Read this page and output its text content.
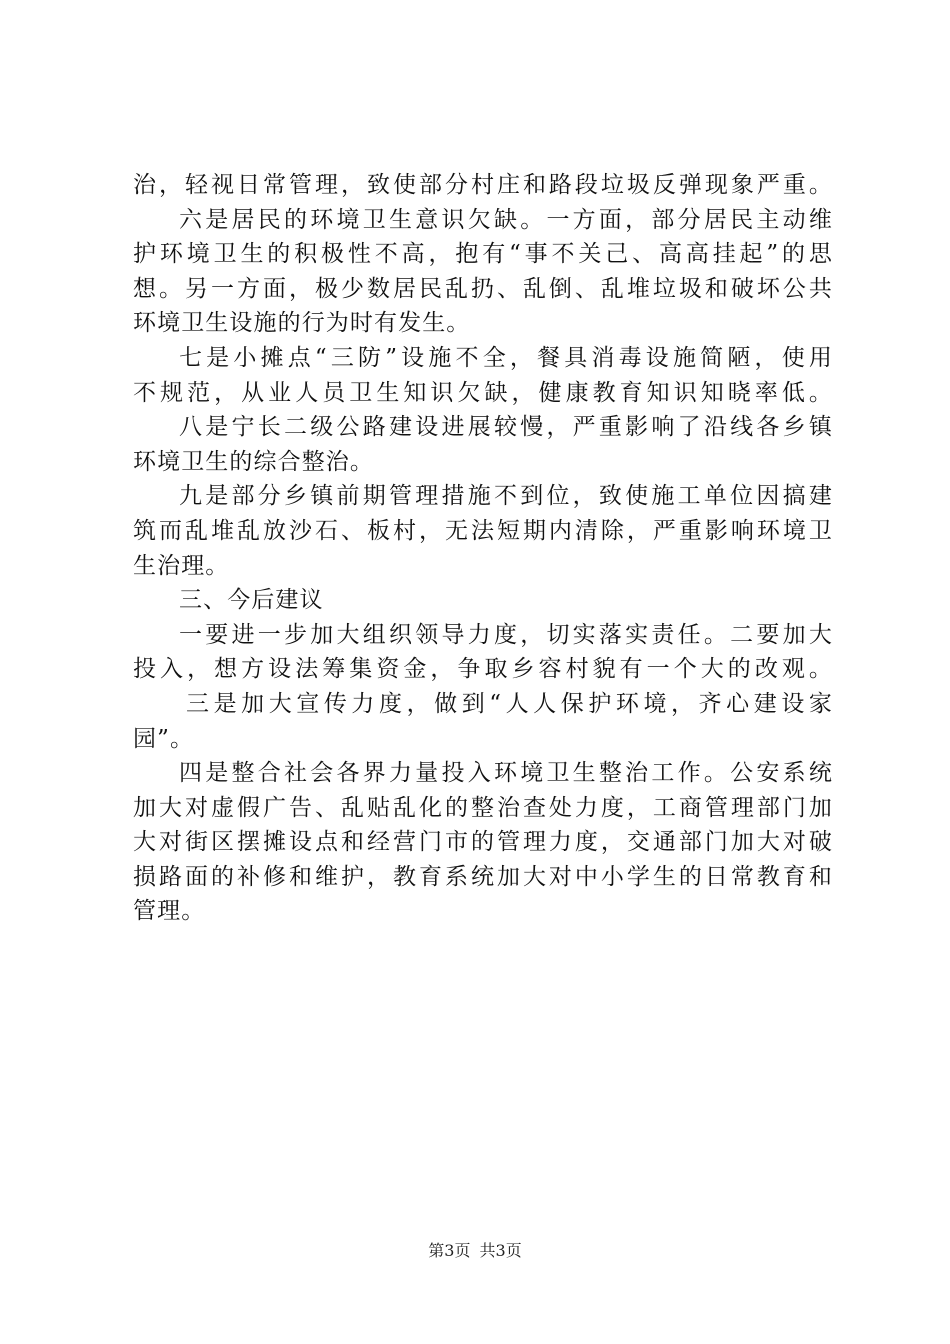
治，轻视日常管理，致使部分村庄和路段垃圾反弹现象严重。
六是居民的环境卫生意识欠缺。一方面，部分居民主动维
护环境卫生的积极性不高，抱有“事不关己、高高挂起”的思
想。另一方面，极少数居民乱扔、乱倒、乱堆垃圾和破坏公共
环境卫生设施的行为时有发生。
七是小摊点“三防”设施不全，餐具消毒设施简陋，使用
不规范，从业人员卫生知识欠缺，健康教育知识知晓率低。
八是宁长二级公路建设进展较慢，严重影响了沿线各乡镇
环境卫生的综合整治。
九是部分乡镇前期管理措施不到位，致使施工单位因搞建
筑而乱堆乱放沙石、板村，无法短期内清除，严重影响环境卫
生治理。
三、今后建议
一要进一步加大组织领导力度，切实落实责任。二要加大
投入，想方设法筹集资金，争取乡容村貌有一个大的改观。
三是加大宣传力度，做到“人人保护环境，齐心建设家
园”。
四是整合社会各界力量投入环境卫生整治工作。公安系统
加大对虚假广告、乱贴乱化的整治查处力度，工商管理部门加
大对街区摆摊设点和经营门市的管理力度，交通部门加大对破
损路面的补修和维护，教育系统加大对中小学生的日常教育和
管理。
第3页 共3页
